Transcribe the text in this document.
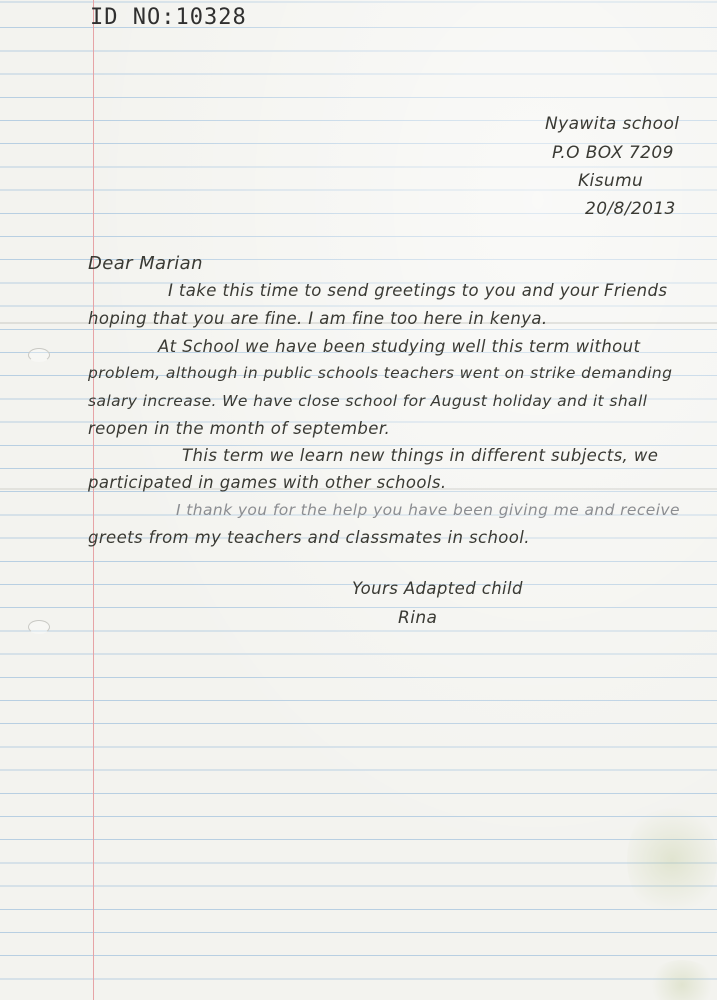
ID NO:10328
Nyawita school
P.O BOX 7209
Kisumu
20/8/2013
Dear Marian
I take this time to send greetings to you and your Friends
hoping that you are fine. I am fine too here in kenya.
At School we have been studying well this term without
problem, although in public schools teachers went on strike demanding
salary increase. We have close school for August holiday and it shall
reopen in the month of september.
This term we learn new things in different subjects, we
participated in games with other schools.
I thank you for the help you have been giving me and receive
greets from my teachers and classmates in school.
Yours Adapted child
Rina
